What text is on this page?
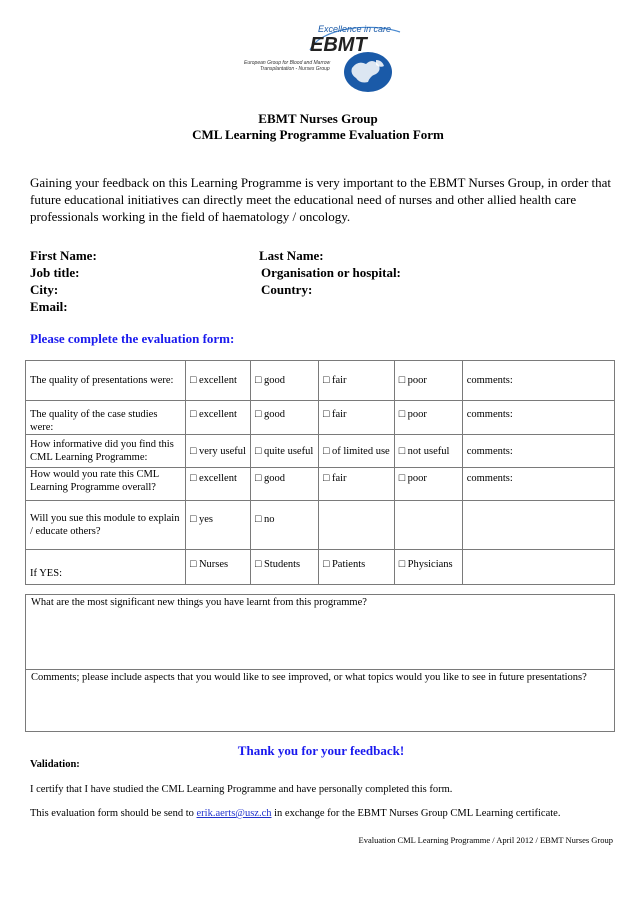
Excellence in care
EBMT
European Group for Blood and Marrow
Transplantation - Nurses Group
EBMT Nurses Group
CML Learning Programme Evaluation Form
Gaining your feedback on this Learning Programme is very important to the EBMT Nurses Group, in order that future educational initiatives can directly meet the educational need of nurses and other allied health care professionals working in the field of haematology / oncology.
First Name:	Last Name:
Job title:	Organisation or hospital:
City:	Country:
Email:
Please complete the evaluation form:
The quality of presentations were:	□ excellent	□ good	□ fair	□ poor	comments:
The quality of the case studies were:	□ excellent	□ good	□ fair	□ poor	comments:
How informative did you find this CML Learning Programme:	□ very useful	□ quite useful	□ of limited use	□ not useful	comments:
How would you rate this CML Learning Programme overall?	□ excellent	□ good	□ fair	□ poor	comments:
Will you sue this module to explain / educate others?	□ yes	□ no			
If YES:	□ Nurses	□ Students	□ Patients	□ Physicians	
What are the most significant new things you have learnt from this programme?
Comments; please include aspects that you would like to see improved, or what topics would you like to see in future presentations?
Thank you for your feedback!
Validation:
I certify that I have studied the CML Learning Programme and have personally completed this form.
This evaluation form should be send to erik.aerts@usz.ch in exchange for the EBMT Nurses Group CML Learning certificate.
Evaluation CML Learning Programme / April 2012 / EBMT Nurses Group
